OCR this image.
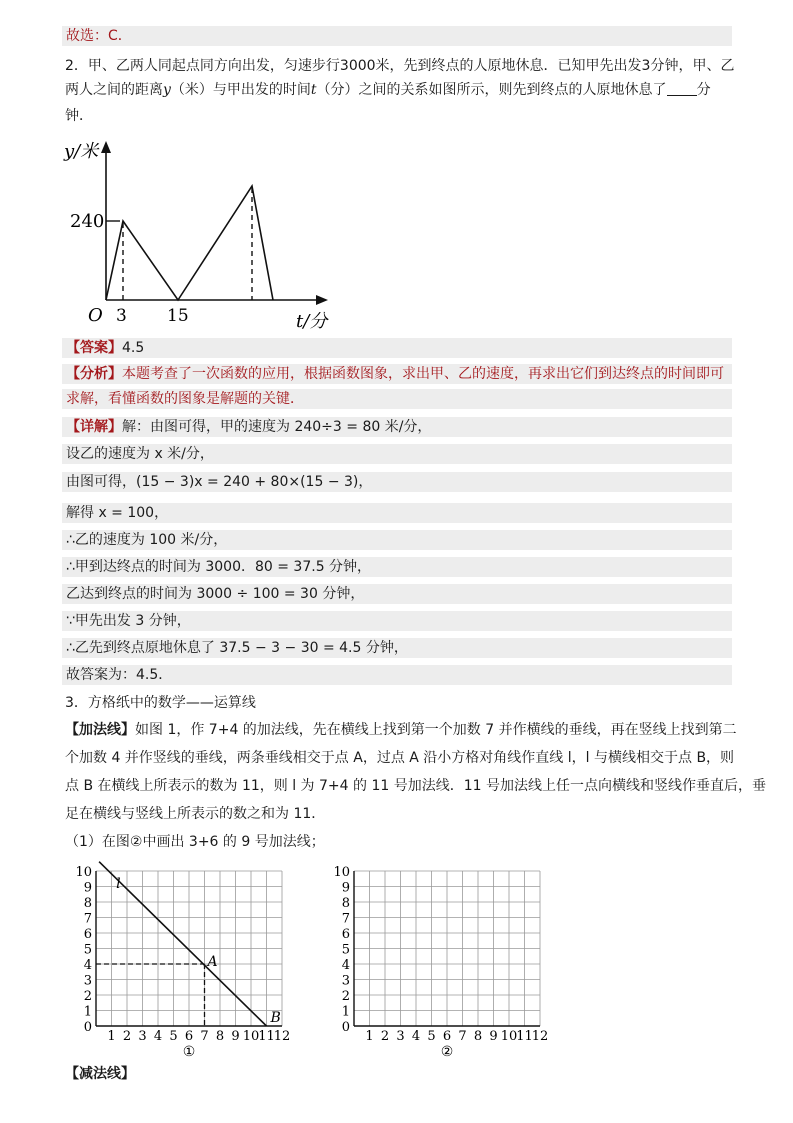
故选：C．
2．甲、乙两人同起点同方向出发，匀速步行3000米，先到终点的人原地休息．已知甲先出发3分钟，甲、乙
两人之间的距离y（米）与甲出发的时间t（分）之间的关系如图所示，则先到终点的人原地休息了 分
钟．
y/米
240
O 3 15	t/分
【答案】4.5
【分析】本题考查了一次函数的应用，根据函数图象，求出甲、乙的速度，再求出它们到达终点的时间即可
求解，看懂函数的图象是解题的关键．
【详解】解：由图可得，甲的速度为 240÷3 = 80 米/分，
设乙的速度为 x 米/分，
由图可得，(15 − 3)x = 240 + 80×(15 − 3)，
解得 x = 100，
∴乙的速度为 100 米/分，
∴甲到达终点的时间为 3000．80 = 37.5 分钟，
乙达到终点的时间为 3000 ÷ 100 = 30 分钟，
∵甲先出发 3 分钟，
∴乙先到终点原地休息了 37.5 − 3 − 30 = 4.5 分钟，
故答案为：4.5．
3．方格纸中的数学——运算线
【加法线】如图 1，作 7+4 的加法线，先在横线上找到第一个加数 7 并作横线的垂线，再在竖线上找到第二
个加数 4 并作竖线的垂线，两条垂线相交于点 A，过点 A 沿小方格对角线作直线 l，l 与横线相交于点 B，则
点 B 在横线上所表示的数为 11，则 l 为 7+4 的 11 号加法线．11 号加法线上任一点向横线和竖线作垂直后，垂
足在横线与竖线上所表示的数之和为 11．
（1）在图②中画出 3+6 的 9 号加法线；
10
9
8
7
6
5
4
3
2
1
0
1 2 3 4 5 6 7 8 9 10
11
12
①
l
A
B
10
9
8
7
6
5
4
3
2
1
0
1 2 3 4 5 6 7 8 9 10
11
12
②
【减法线】
